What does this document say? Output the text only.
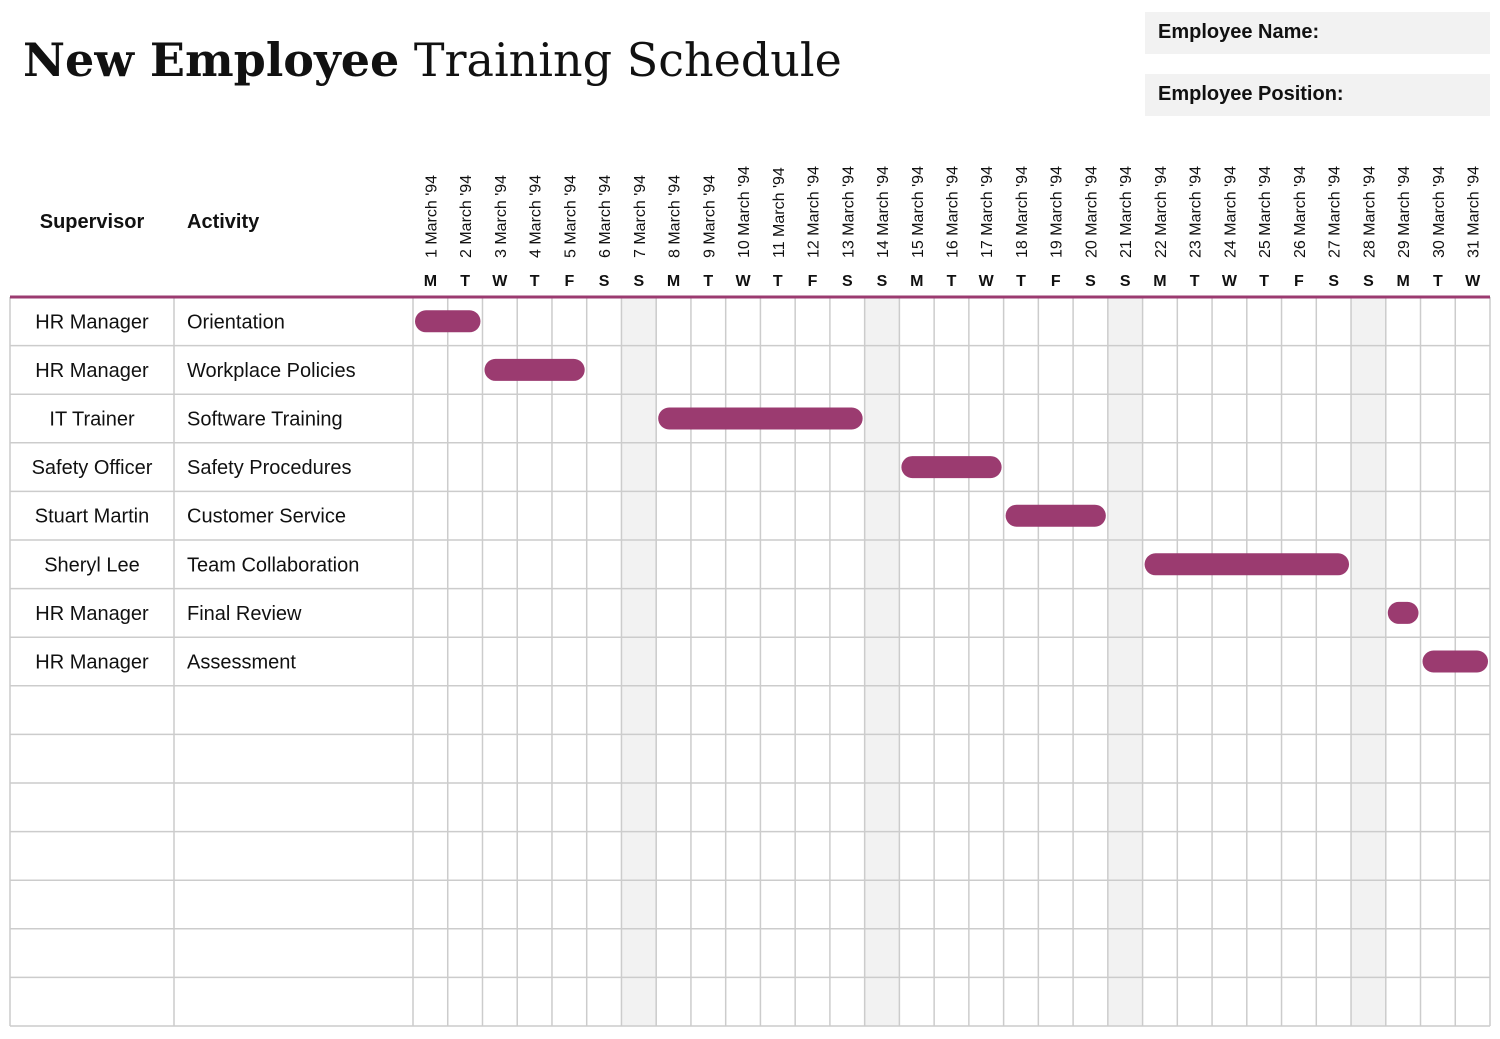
New Employee Training Schedule
Employee Name:
Employee Position:
Supervisor Activity	1 March '94
M
2 March '94
T
3 March '94
W
4 March '94
T
5 March '94
F
6 March '94
S
7 March '94
S
8 March '94
M
9 March '94
T
10 March '94
W
11 March '94
T
12 March '94
F
13 March '94
S
14 March '94
S
15 March '94
M
16 March '94
T
17 March '94
W
18 March '94
T
19 March '94
F
20 March '94
S
21 March '94
S
22 March '94
M
23 March '94
T
24 March '94
W
25 March '94
T
26 March '94
F
27 March '94
S
28 March '94
S
29 March '94
M
30 March '94
T
31 March '94
W
HR Manager Orientation
HR Manager Workplace Policies
IT Trainer	Software Training
Safety Officer Safety Procedures
Stuart Martin Customer Service
Sheryl Lee Team Collaboration
HR Manager Final Review
HR Manager Assessment
